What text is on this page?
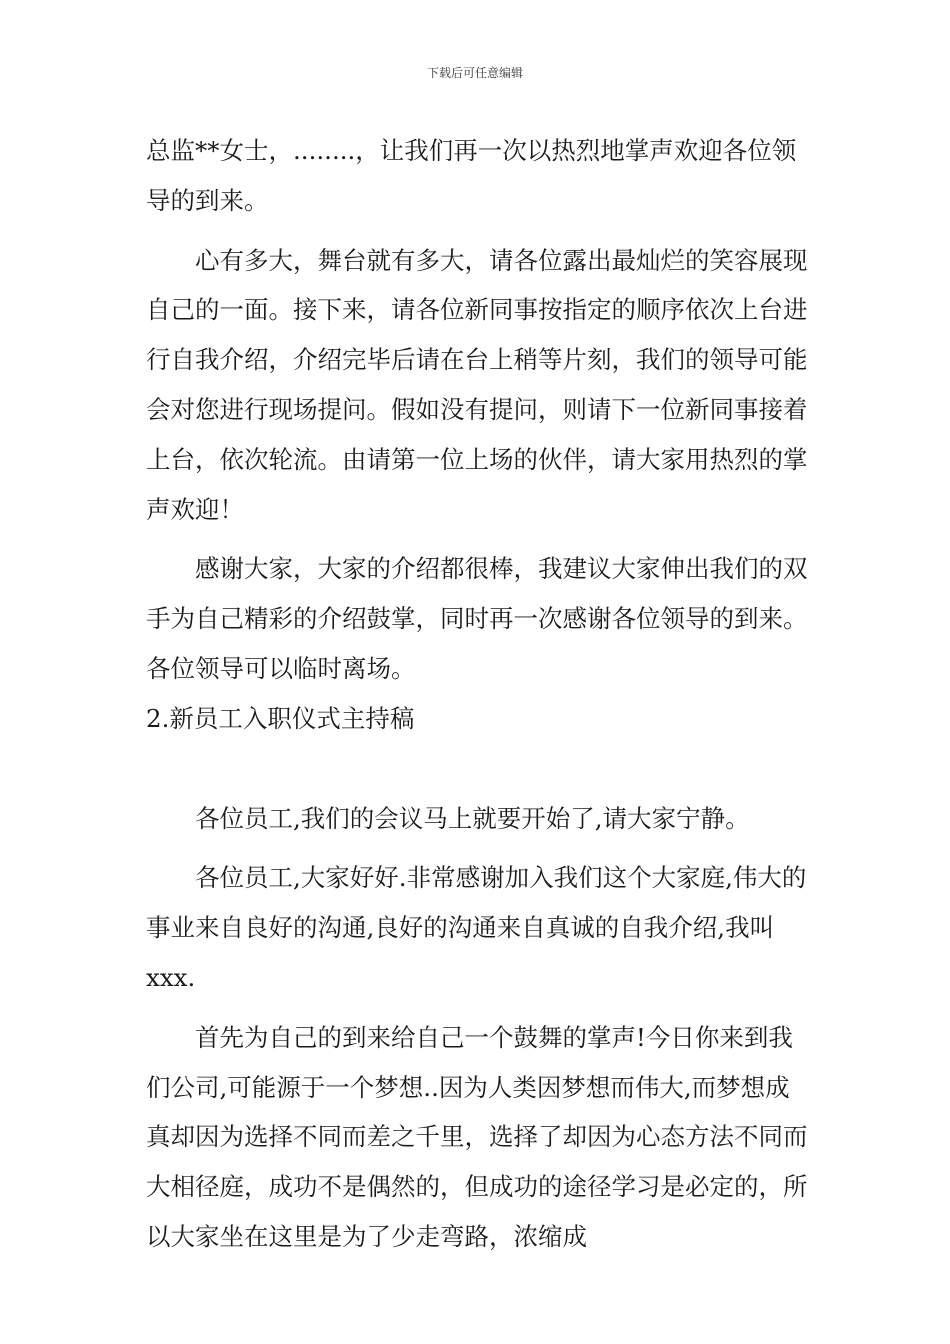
下载后可任意编辑

总监**女士，........，让我们再一次以热烈地掌声欢迎各位领导的到来。

心有多大，舞台就有多大，请各位露出最灿烂的笑容展现自己的一面。接下来，请各位新同事按指定的顺序依次上台进行自我介绍，介绍完毕后请在台上稍等片刻，我们的领导可能会对您进行现场提问。假如没有提问，则请下一位新同事接着上台，依次轮流。由请第一位上场的伙伴，请大家用热烈的掌声欢迎！

感谢大家，大家的介绍都很棒，我建议大家伸出我们的双手为自己精彩的介绍鼓掌，同时再一次感谢各位领导的到来。各位领导可以临时离场。

2.新员工入职仪式主持稿

各位员工,我们的会议马上就要开始了,请大家宁静。

各位员工,大家好好.非常感谢加入我们这个大家庭,伟大的事业来自良好的沟通,良好的沟通来自真诚的自我介绍,我叫xxx.

首先为自己的到来给自己一个鼓舞的掌声!今日你来到我们公司,可能源于一个梦想..因为人类因梦想而伟大,而梦想成真却因为选择不同而差之千里，选择了却因为心态方法不同而大相径庭，成功不是偶然的，但成功的途径学习是必定的，所以大家坐在这里是为了少走弯路，浓缩成
